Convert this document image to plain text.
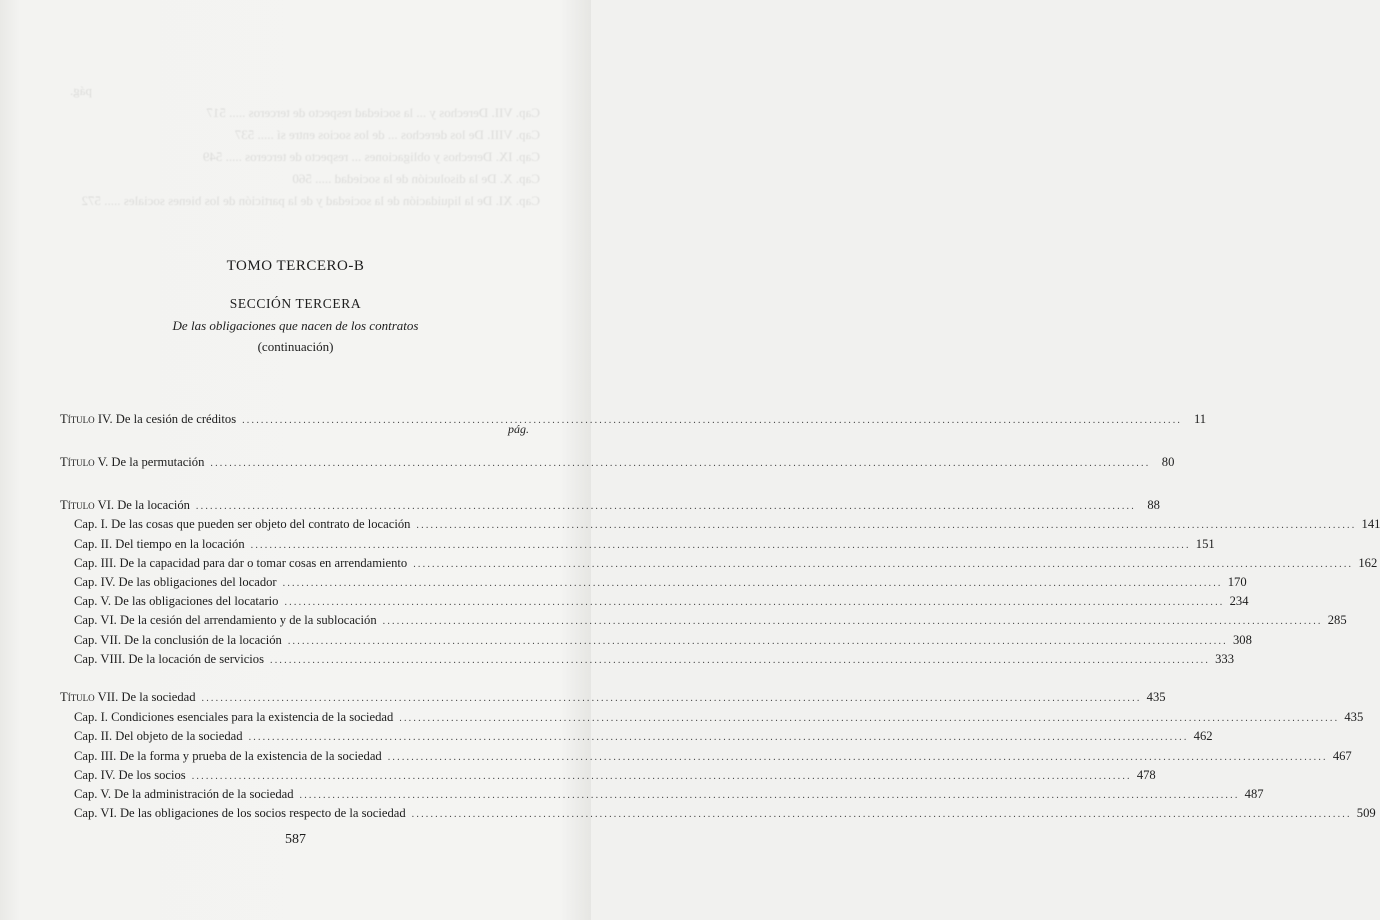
pág.
Cap. VII. Derechos y ... la sociedad respecto de terceros ..... 517
Cap. VIII. De los derechos ... de los socios entre sí ..... 537
Cap. IX. Derechos y obligaciones ... respecto de terceros ..... 549
Cap. X. De la disolución de la sociedad ..... 560
Cap. XI. De la liquidación de la sociedad y de la partición de los bienes sociales ..... 572
TOMO TERCERO-B
SECCIÓN TERCERA
De las obligaciones que nacen de los contratos
(continuación)
pág.
Título IV. De la cesión de créditos ........................................................................................................................................................................................................ 11
Título V. De la permutación ........................................................................................................................................................................................................ 80
Título VI. De la locación ........................................................................................................................................................................................................ 88
Cap. I. De las cosas que pueden ser objeto del contrato de locación ........................................................................................................................................................................................................ 141
Cap. II. Del tiempo en la locación ........................................................................................................................................................................................................ 151
Cap. III. De la capacidad para dar o tomar cosas en arrendamiento ........................................................................................................................................................................................................ 162
Cap. IV. De las obligaciones del locador ........................................................................................................................................................................................................ 170
Cap. V. De las obligaciones del locatario ........................................................................................................................................................................................................ 234
Cap. VI. De la cesión del arrendamiento y de la sublocación ........................................................................................................................................................................................................ 285
Cap. VII. De la conclusión de la locación ........................................................................................................................................................................................................ 308
Cap. VIII. De la locación de servicios ........................................................................................................................................................................................................ 333
Título VII. De la sociedad ........................................................................................................................................................................................................ 435
Cap. I. Condiciones esenciales para la existencia de la sociedad ........................................................................................................................................................................................................ 435
Cap. II. Del objeto de la sociedad ........................................................................................................................................................................................................ 462
Cap. III. De la forma y prueba de la existencia de la sociedad ........................................................................................................................................................................................................ 467
Cap. IV. De los socios ........................................................................................................................................................................................................ 478
Cap. V. De la administración de la sociedad ........................................................................................................................................................................................................ 487
Cap. VI. De las obligaciones de los socios respecto de la sociedad ........................................................................................................................................................................................................ 509
587
